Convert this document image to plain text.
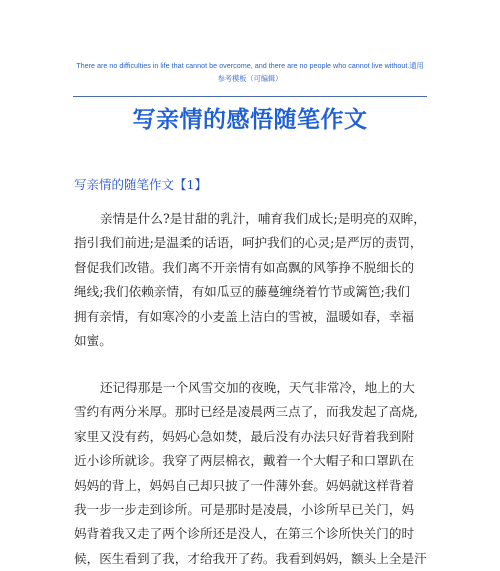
There are no difficulties in life that cannot be overcome, and there are no people who cannot live without.通用
参考模板（可编辑）
写亲情的感悟随笔作文
写亲情的随笔作文【1】
亲情是什么?是甘甜的乳汁，哺育我们成长;是明亮的双眸，
指引我们前进;是温柔的话语，呵护我们的心灵;是严厉的责罚，
督促我们改错。我们离不开亲情有如高飘的风筝挣不脱细长的
绳线;我们依赖亲情，有如瓜豆的藤蔓缠绕着竹节或篱笆;我们
拥有亲情，有如寒冷的小麦盖上洁白的雪被，温暖如春，幸福
如蜜。
还记得那是一个风雪交加的夜晚，天气非常冷，地上的大
雪约有两分米厚。那时已经是凌晨两三点了，而我发起了高烧,
家里又没有药，妈妈心急如焚，最后没有办法只好背着我到附
近小诊所就诊。我穿了两层棉衣，戴着一个大帽子和口罩趴在
妈妈的背上，妈妈自己却只披了一件薄外套。妈妈就这样背着
我一步一步走到诊所。可是那时是凌晨，小诊所早已关门，妈
妈背着我又走了两个诊所还是没人，在第三个诊所快关门的时
候，医生看到了我，才给我开了药。我看到妈妈，额头上全是汗
